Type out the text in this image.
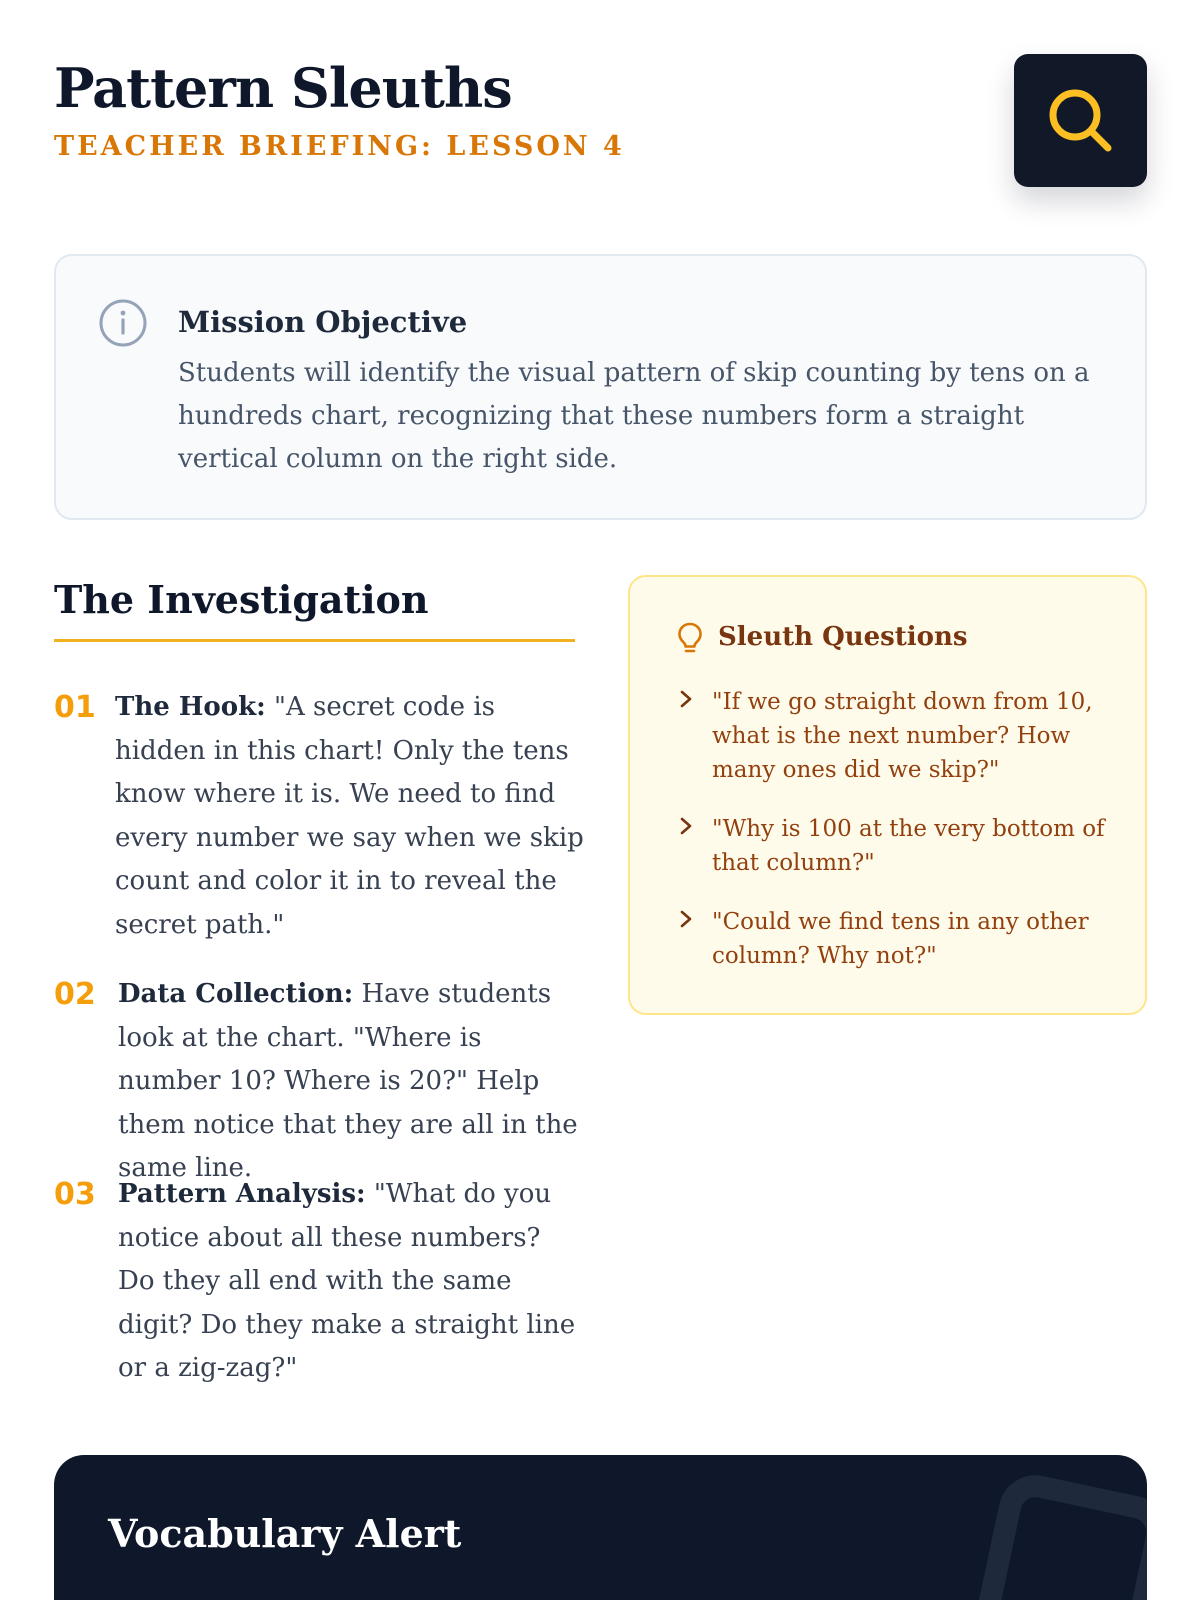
Pattern Sleuths
TEACHER BRIEFING: LESSON 4
Mission Objective

Students will identify the visual pattern of skip counting by tens on a hundreds chart, recognizing that these numbers form a straight vertical column on the right side.

The Investigation
01 The Hook: "A secret code is hidden in this chart! Only the tens know where it is. We need to find every number we say when we skip count and color it in to reveal the secret path."

02 Data Collection: Have students look at the chart. "Where is number 10? Where is 20?" Help them notice that they are all in the same line.

03 Pattern Analysis: "What do you notice about all these numbers? Do they all end with the same digit? Do they make a straight line or a zig-zag?"

Sleuth Questions

"If we go straight down from 10, what is the next number? How many ones did we skip?"

"Why is 100 at the very bottom of that column?"

"Could we find tens in any other column? Why not?"

Vocabulary Alert
